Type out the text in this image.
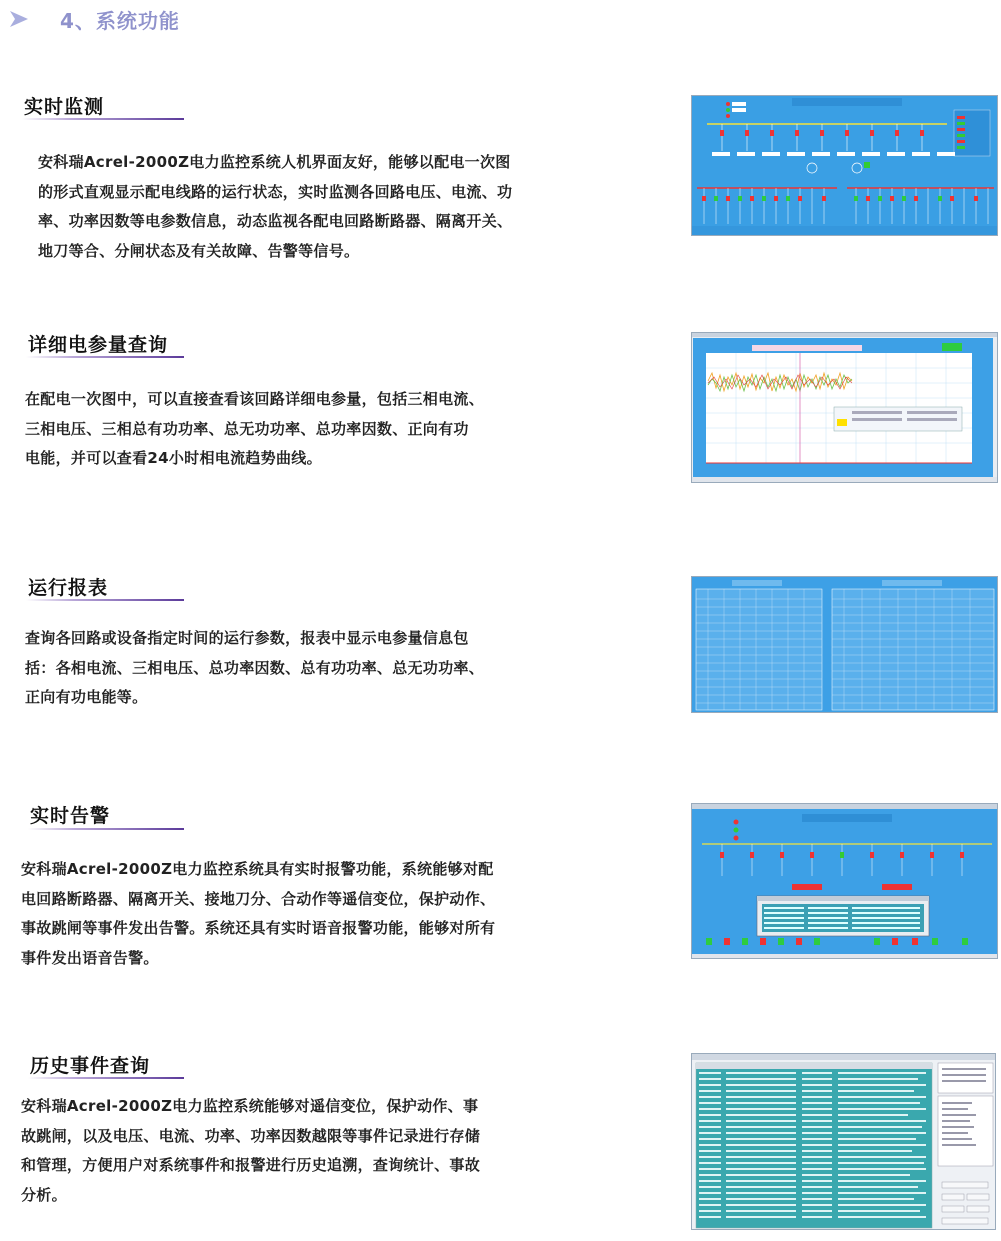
4、系统功能
实时监测
安科瑞Acrel-2000Z电力监控系统人机界面友好，能够以配电一次图
的形式直观显示配电线路的运行状态，实时监测各回路电压、电流、功
率、功率因数等电参数信息，动态监视各配电回路断路器、隔离开关、
地刀等合、分闸状态及有关故障、告警等信号。
详细电参量查询
在配电一次图中，可以直接查看该回路详细电参量，包括三相电流、
三相电压、三相总有功功率、总无功功率、总功率因数、正向有功
电能，并可以查看24小时相电流趋势曲线。
运行报表
查询各回路或设备指定时间的运行参数，报表中显示电参量信息包
括：各相电流、三相电压、总功率因数、总有功功率、总无功功率、
正向有功电能等。
实时告警
安科瑞Acrel-2000Z电力监控系统具有实时报警功能，系统能够对配
电回路断路器、隔离开关、接地刀分、合动作等遥信变位，保护动作、
事故跳闸等事件发出告警。系统还具有实时语音报警功能，能够对所有
事件发出语音告警。
历史事件查询
安科瑞Acrel-2000Z电力监控系统能够对遥信变位，保护动作、事
故跳闸，以及电压、电流、功率、功率因数越限等事件记录进行存储
和管理，方便用户对系统事件和报警进行历史追溯，查询统计、事故
分析。
